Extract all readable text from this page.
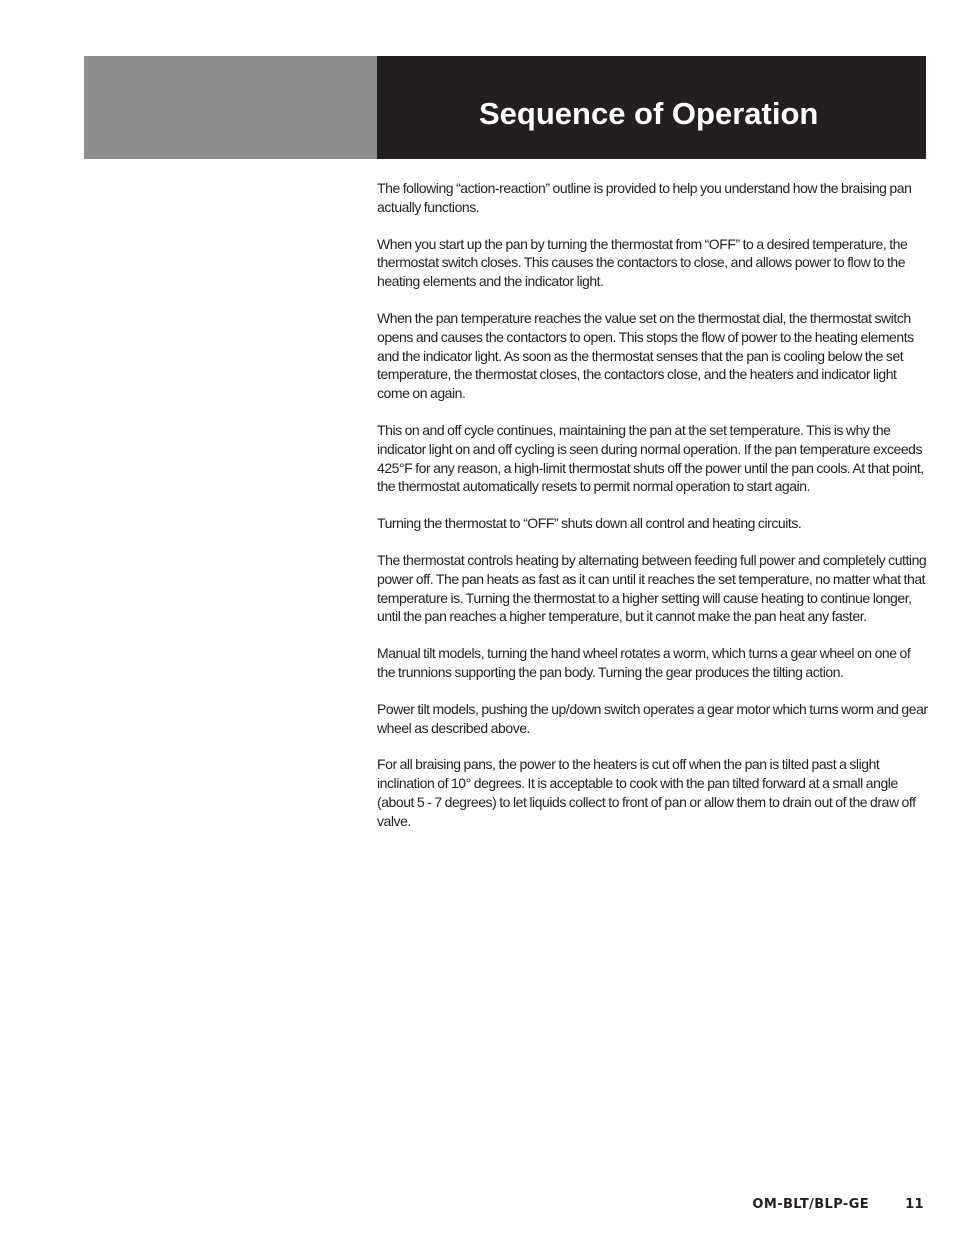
Sequence of Operation

The following “action-reaction” outline is provided to help you understand how the braising pan actually functions.

When you start up the pan by turning the thermostat from “OFF” to a desired temperature, the thermostat switch closes. This causes the contactors to close, and allows power to flow to the heating elements and the indicator light.

When the pan temperature reaches the value set on the thermostat dial, the thermostat switch opens and causes the contactors to open. This stops the flow of power to the heating elements and the indicator light. As soon as the thermostat senses that the pan is cooling below the set temperature, the thermostat closes, the contactors close, and the heaters and indicator light come on again.

This on and off cycle continues, maintaining the pan at the set temperature. This is why the indicator light on and off cycling is seen during normal operation. If the pan temperature exceeds 425°F for any reason, a high-limit thermostat shuts off the power until the pan cools. At that point, the thermostat automatically resets to permit normal operation to start again.

Turning the thermostat to “OFF” shuts down all control and heating circuits.

The thermostat controls heating by alternating between feeding full power and completely cutting power off. The pan heats as fast as it can until it reaches the set temperature, no matter what that temperature is. Turning the thermostat to a higher setting will cause heating to continue longer, until the pan reaches a higher temperature, but it cannot make the pan heat any faster.

Manual tilt models, turning the hand wheel rotates a worm, which turns a gear wheel on one of the trunnions supporting the pan body. Turning the gear produces the tilting action.

Power tilt models, pushing the up/down switch operates a gear motor which turns worm and gear wheel as described above.

For all braising pans, the power to the heaters is cut off when the pan is tilted past a slight inclination of 10° degrees. It is acceptable to cook with the pan tilted forward at a small angle (about 5 - 7 degrees) to let liquids collect to front of pan or allow them to drain out of the draw off valve.

OM-BLT/BLP-GE	11
